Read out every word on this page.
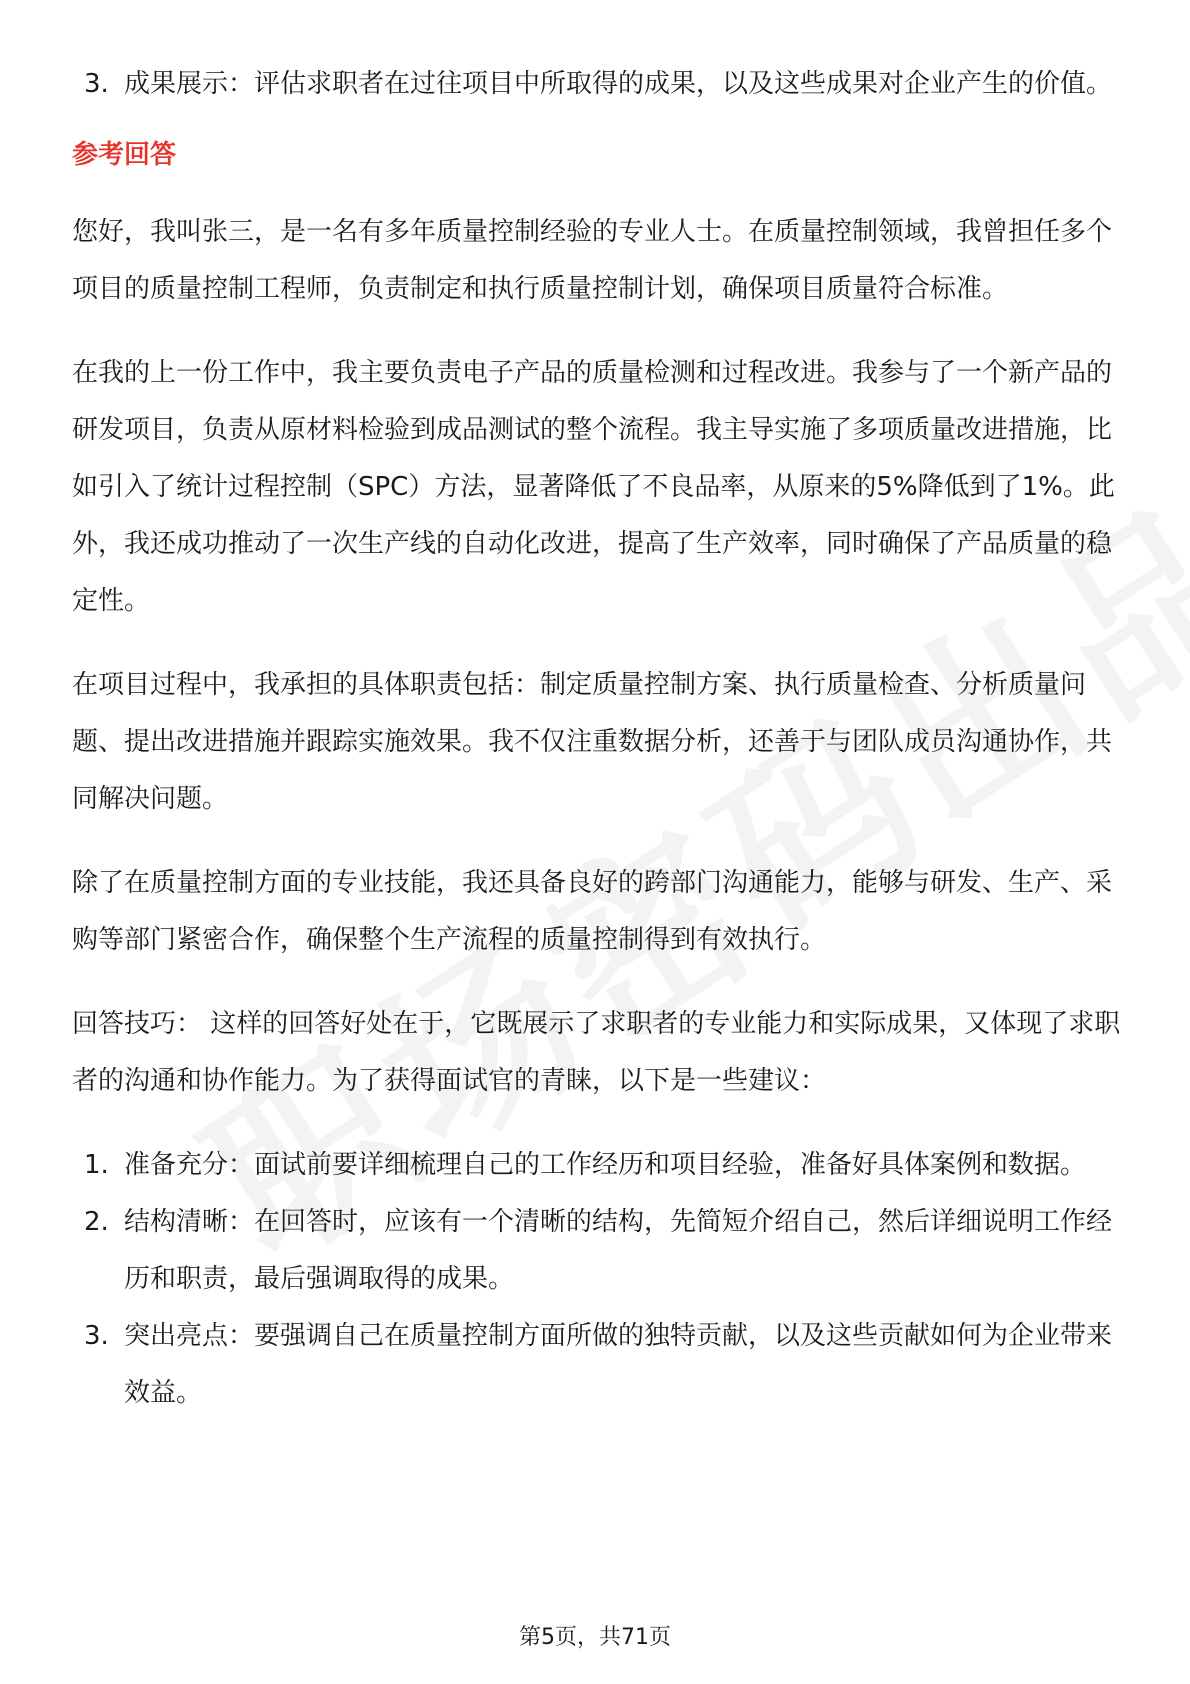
3. 成果展示：评估求职者在过往项目中所取得的成果，以及这些成果对企业产生的价值。
参考回答

您好，我叫张三，是一名有多年质量控制经验的专业人士。在质量控制领域，我曾担任多个项目的质量控制工程师，负责制定和执行质量控制计划，确保项目质量符合标准。

在我的上一份工作中，我主要负责电子产品的质量检测和过程改进。我参与了一个新产品的研发项目，负责从原材料检验到成品测试的整个流程。我主导实施了多项质量改进措施，比如引入了统计过程控制（SPC）方法，显著降低了不良品率，从原来的5%降低到了1%。此外，我还成功推动了一次生产线的自动化改进，提高了生产效率，同时确保了产品质量的稳定性。

在项目过程中，我承担的具体职责包括：制定质量控制方案、执行质量检查、分析质量问题、提出改进措施并跟踪实施效果。我不仅注重数据分析，还善于与团队成员沟通协作，共同解决问题。

除了在质量控制方面的专业技能，我还具备良好的跨部门沟通能力，能够与研发、生产、采购等部门紧密合作，确保整个生产流程的质量控制得到有效执行。

回答技巧： 这样的回答好处在于，它既展示了求职者的专业能力和实际成果，又体现了求职者的沟通和协作能力。为了获得面试官的青睐，以下是一些建议：

1. 准备充分：面试前要详细梳理自己的工作经历和项目经验，准备好具体案例和数据。
2. 结构清晰：在回答时，应该有一个清晰的结构，先简短介绍自己，然后详细说明工作经历和职责，最后强调取得的成果。
3. 突出亮点：要强调自己在质量控制方面所做的独特贡献，以及这些贡献如何为企业带来效益。
第5页，共71页
